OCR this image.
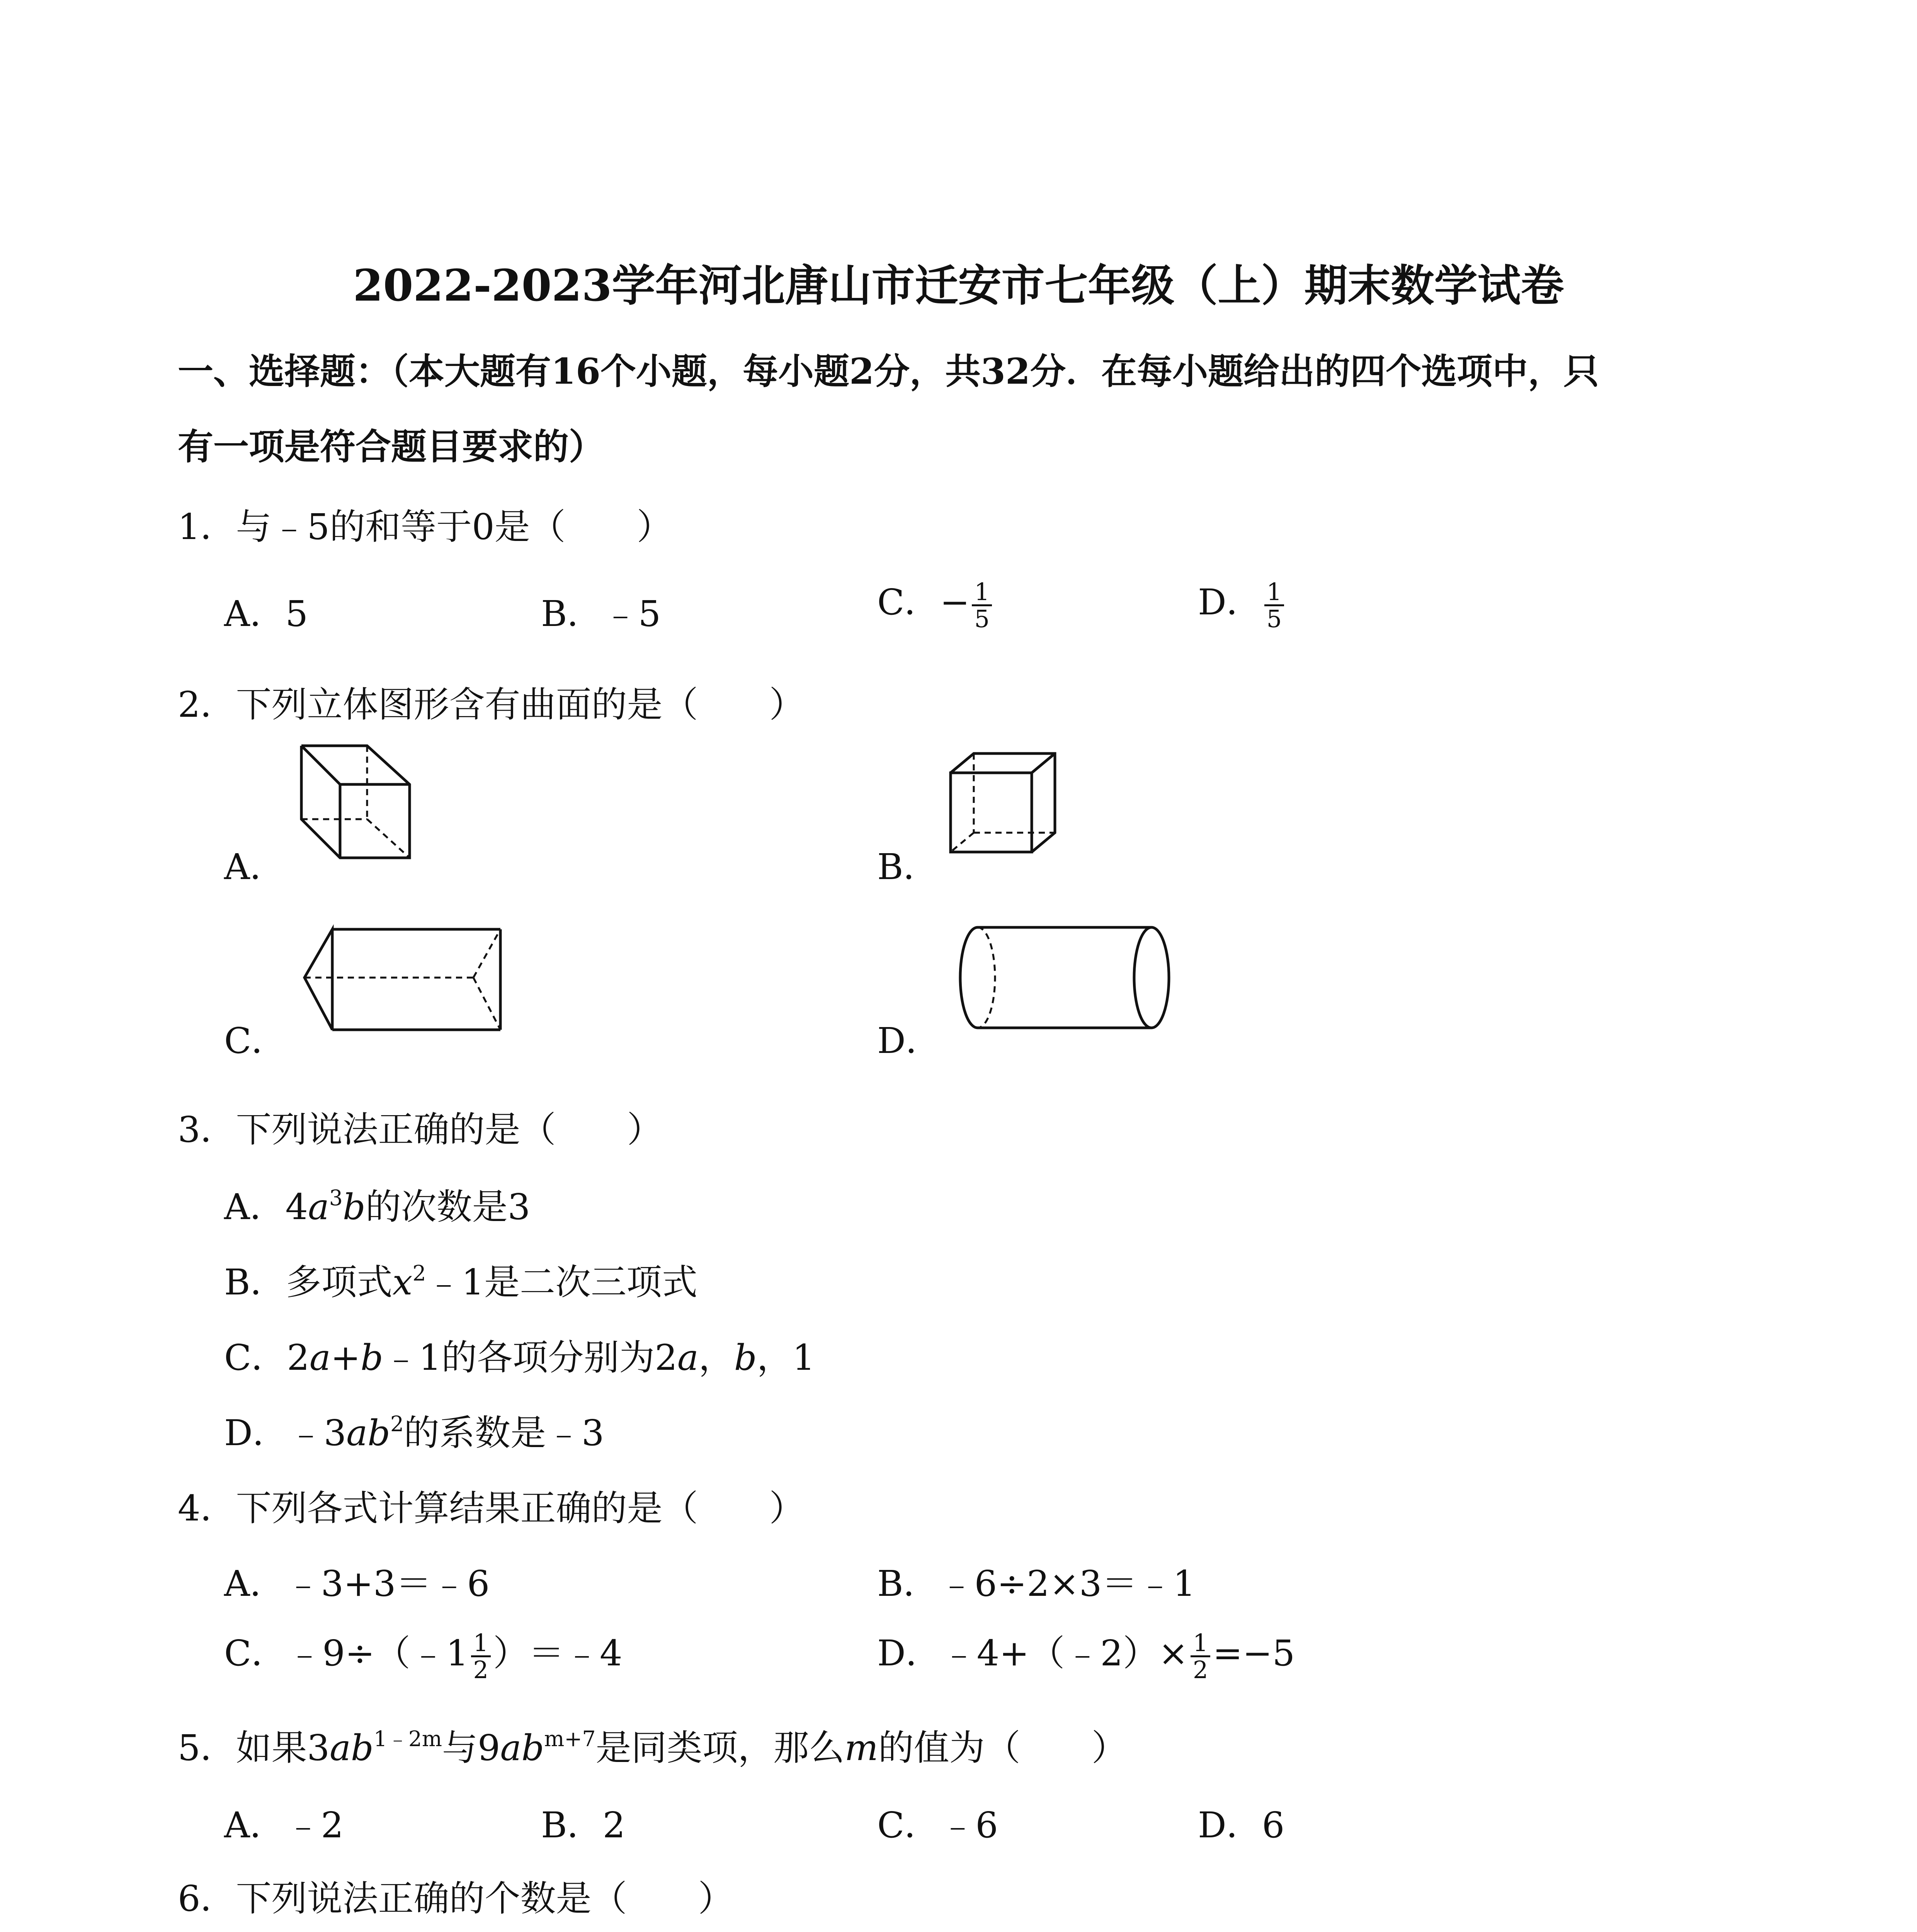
2022-2023学年河北唐山市迁安市七年级（上）期末数学试卷
一、选择题：（本大题有16个小题，每小题2分，共32分．在每小题给出的四个选项中，只
有一项是符合题目要求的）
1．与﹣5的和等于0是（　　）
A．5	B．﹣5	C．− $\frac{1}{5}$	D． $\frac{1}{5}$
2．下列立体图形含有曲面的是（　　）
A．	B．
C．	D．
3．下列说法正确的是（　　）
A．$4a^3b$的次数是3
B．多项式$x^2﹣1$是二次三项式
C．2a+b﹣1的各项分别为2a，b，1
D．$﹣3ab^2$的系数是﹣3
4．下列各式计算结果正确的是（　　）
A．﹣3+3＝﹣6	B．﹣6÷2×3＝﹣1
C．﹣9÷（﹣1 $\frac{1}{2}$ ）＝﹣4	D．﹣4+（﹣2）× $\frac{1}{2} =-5$
5．如果$3ab^{1﹣2m}$与$9ab^{m+7}$是同类项，那么m的值为（　　）
A．﹣2	B．2	C．﹣6	D．6
6．下列说法正确的个数是（　　）
